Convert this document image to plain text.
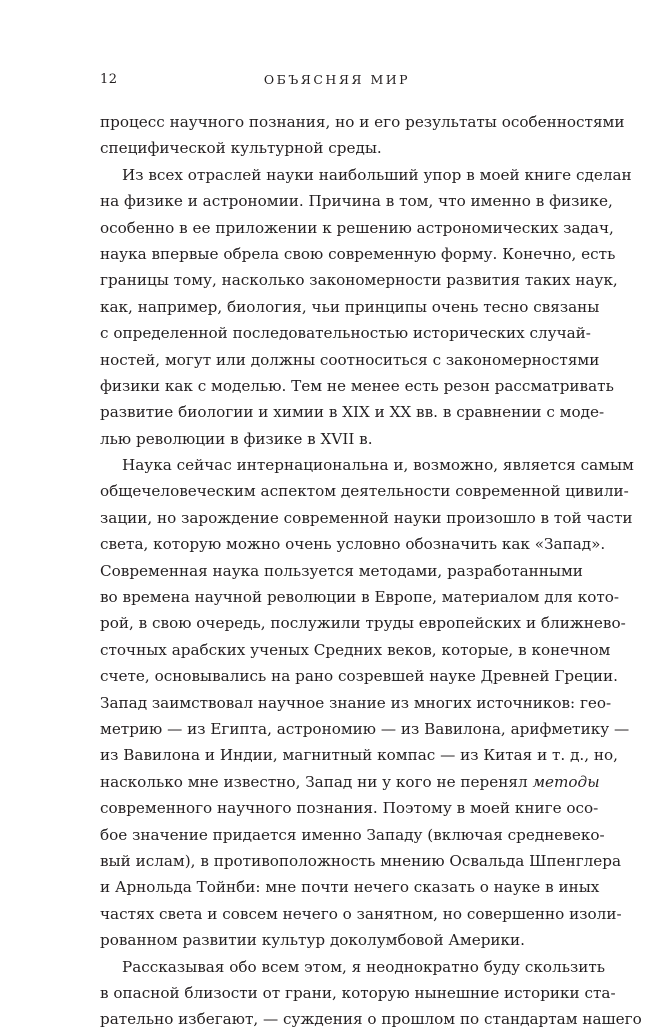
12	ОБЪЯСНЯЯ МИР
процесс научного познания, но и его результаты особенностями
специфической культурной среды.
Из всех отраслей науки наибольший упор в моей книге сделан
на физике и астрономии. Причина в том, что именно в физике,
особенно в ее приложении к решению астрономических задач,
наука впервые обрела свою современную форму. Конечно, есть
границы тому, насколько закономерности развития таких наук,
как, например, биология, чьи принципы очень тесно связаны
с определенной последовательностью исторических случай-
ностей, могут или должны соотноситься с закономерностями
физики как с моделью. Тем не менее есть резон рассматривать
развитие биологии и химии в XIX и XX вв. в сравнении с моде-
лью революции в физике в XVII в.
Наука сейчас интернациональна и, возможно, является самым
общечеловеческим аспектом деятельности современной цивили-
зации, но зарождение современной науки произошло в той части
света, которую можно очень условно обозначить как «Запад».
Современная наука пользуется методами, разработанными
во времена научной революции в Европе, материалом для кото-
рой, в свою очередь, послужили труды европейских и ближнево-
сточных арабских ученых Средних веков, которые, в конечном
счете, основывались на рано созревшей науке Древней Греции.
Запад заимствовал научное знание из многих источников: гео-
метрию — из Египта, астрономию — из Вавилона, арифметику —
из Вавилона и Индии, магнитный компас — из Китая и т. д., но,
насколько мне известно, Запад ни у кого не перенял методы
современного научного познания. Поэтому в моей книге осо-
бое значение придается именно Западу (включая средневеко-
вый ислам), в противоположность мнению Освальда Шпенглера
и Арнольда Тойнби: мне почти нечего сказать о науке в иных
частях света и совсем нечего о занятном, но совершенно изоли-
рованном развитии культур доколумбовой Америки.
Рассказывая обо всем этом, я неоднократно буду скользить
в опасной близости от грани, которую нынешние историки ста-
рательно избегают, — суждения о прошлом по стандартам нашего
